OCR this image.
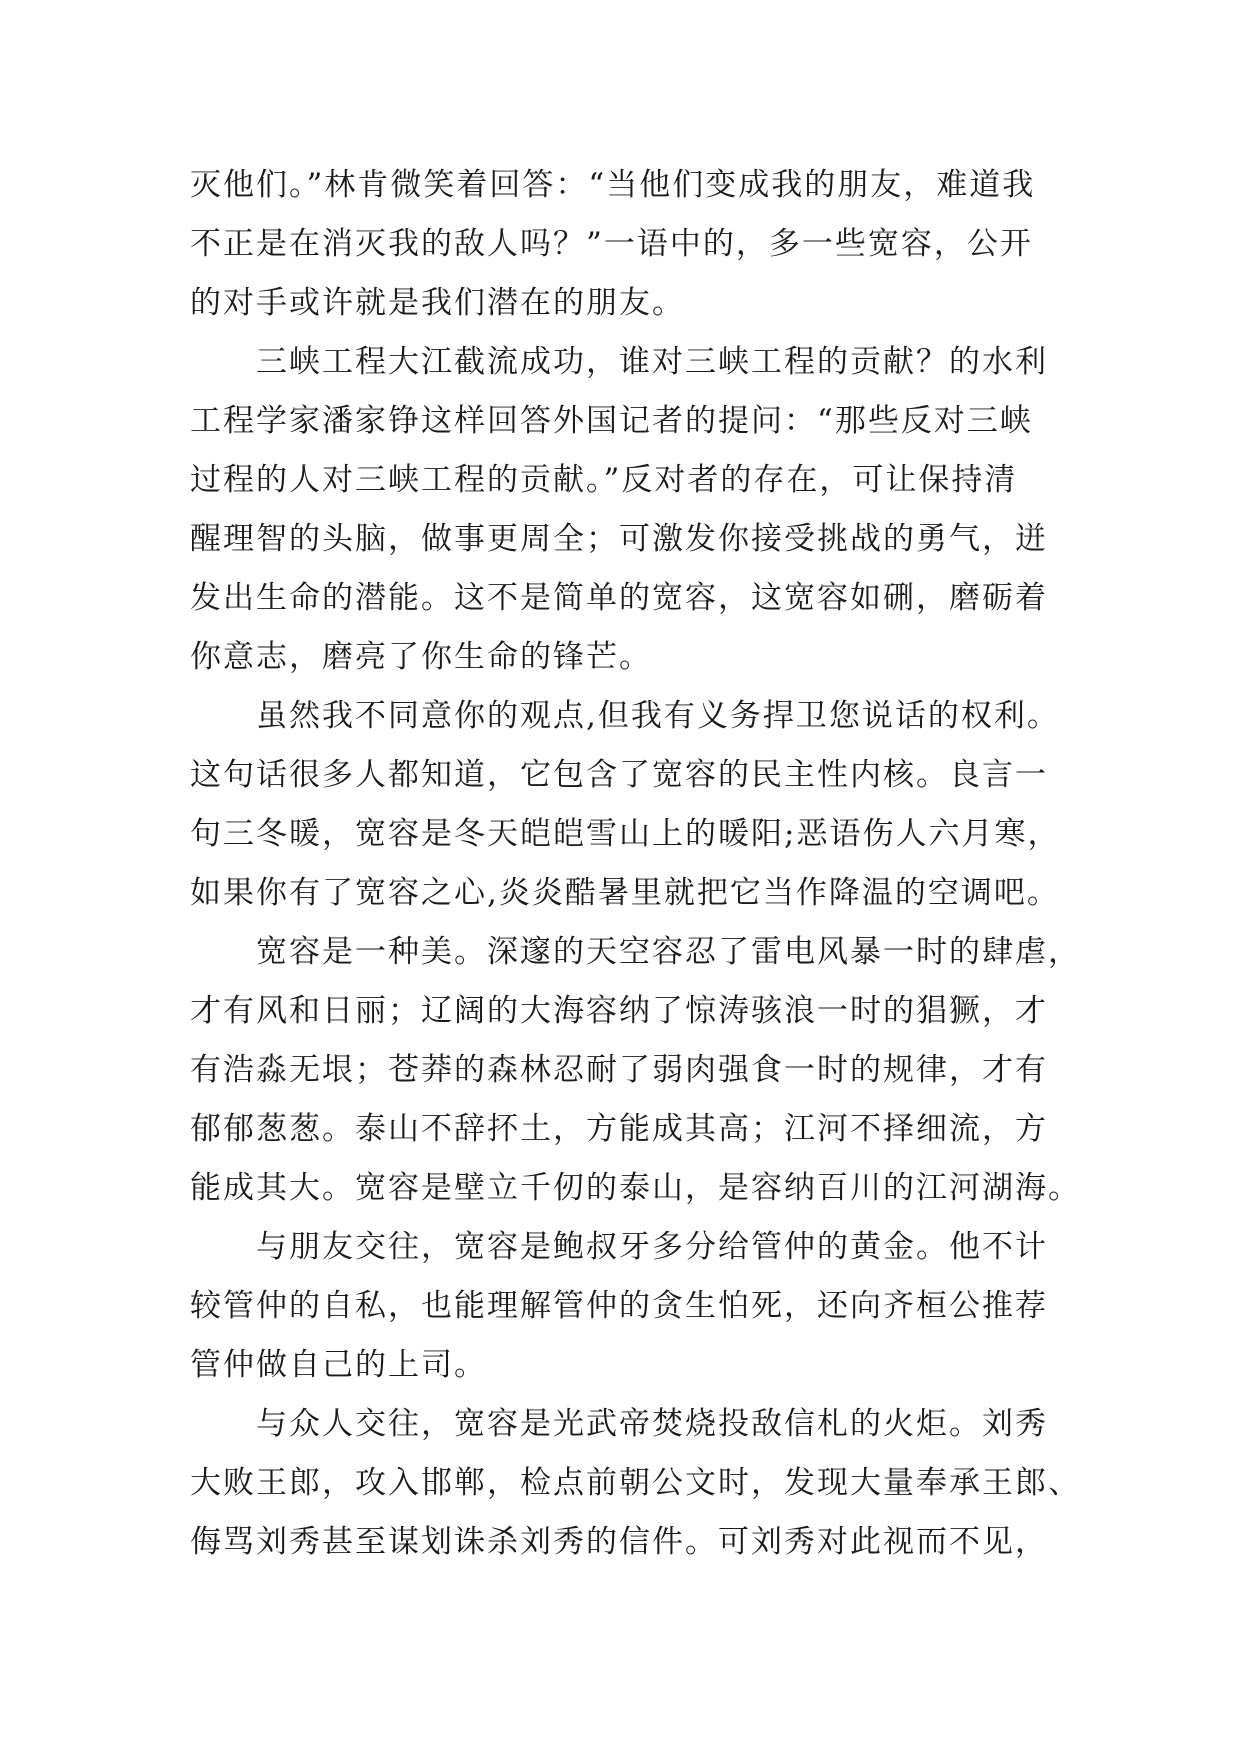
灭他们。”林肯微笑着回答：“当他们变成我的朋友，难道我
不正是在消灭我的敌人吗？”一语中的，多一些宽容，公开
的对手或许就是我们潜在的朋友。

三峡工程大江截流成功，谁对三峡工程的贡献？的水利
工程学家潘家铮这样回答外国记者的提问：“那些反对三峡
过程的人对三峡工程的贡献。”反对者的存在，可让保持清
醒理智的头脑，做事更周全；可激发你接受挑战的勇气，迸
发出生命的潜能。这不是简单的宽容，这宽容如硎，磨砺着
你意志，磨亮了你生命的锋芒。

虽然我不同意你的观点,但我有义务捍卫您说话的权利。
这句话很多人都知道，它包含了宽容的民主性内核。良言一
句三冬暖，宽容是冬天皑皑雪山上的暖阳;恶语伤人六月寒，
如果你有了宽容之心,炎炎酷暑里就把它当作降温的空调吧。

宽容是一种美。深邃的天空容忍了雷电风暴一时的肆虐，
才有风和日丽；辽阔的大海容纳了惊涛骇浪一时的猖獗，才
有浩淼无垠；苍莽的森林忍耐了弱肉强食一时的规律，才有
郁郁葱葱。泰山不辞抔土，方能成其高；江河不择细流，方
能成其大。宽容是壁立千仞的泰山，是容纳百川的江河湖海。

与朋友交往，宽容是鲍叔牙多分给管仲的黄金。他不计
较管仲的自私，也能理解管仲的贪生怕死，还向齐桓公推荐
管仲做自己的上司。

与众人交往，宽容是光武帝焚烧投敌信札的火炬。刘秀
大败王郎，攻入邯郸，检点前朝公文时，发现大量奉承王郎、
侮骂刘秀甚至谋划诛杀刘秀的信件。可刘秀对此视而不见，
